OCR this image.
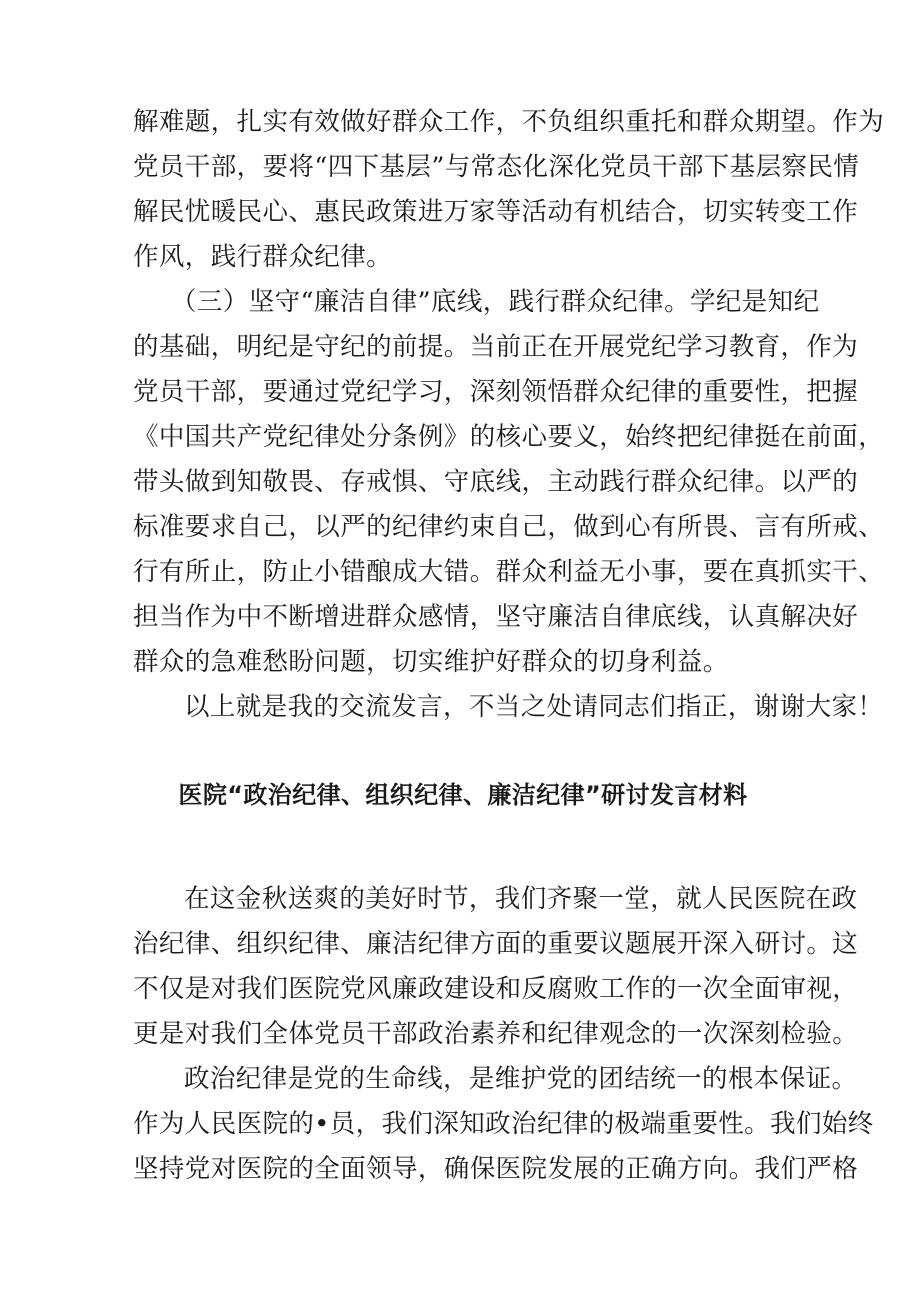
解难题，扎实有效做好群众工作，不负组织重托和群众期望。作为
党员干部，要将“四下基层”与常态化深化党员干部下基层察民情
解民忧暖民心、惠民政策进万家等活动有机结合，切实转变工作
作风，践行群众纪律。
（三）坚守“廉洁自律”底线，践行群众纪律。学纪是知纪
的基础，明纪是守纪的前提。当前正在开展党纪学习教育，作为
党员干部，要通过党纪学习，深刻领悟群众纪律的重要性，把握
《中国共产党纪律处分条例》的核心要义，始终把纪律挺在前面，
带头做到知敬畏、存戒惧、守底线，主动践行群众纪律。以严的
标准要求自己，以严的纪律约束自己，做到心有所畏、言有所戒、
行有所止，防止小错酿成大错。群众利益无小事，要在真抓实干、
担当作为中不断增进群众感情，坚守廉洁自律底线，认真解决好
群众的急难愁盼问题，切实维护好群众的切身利益。
以上就是我的交流发言，不当之处请同志们指正，谢谢大家！
医院“政治纪律、组织纪律、廉洁纪律”研讨发言材料
在这金秋送爽的美好时节，我们齐聚一堂，就人民医院在政
治纪律、组织纪律、廉洁纪律方面的重要议题展开深入研讨。这
不仅是对我们医院党风廉政建设和反腐败工作的一次全面审视，
更是对我们全体党员干部政治素养和纪律观念的一次深刻检验。
政治纪律是党的生命线，是维护党的团结统一的根本保证。
作为人民医院的•员，我们深知政治纪律的极端重要性。我们始终
坚持党对医院的全面领导，确保医院发展的正确方向。我们严格
